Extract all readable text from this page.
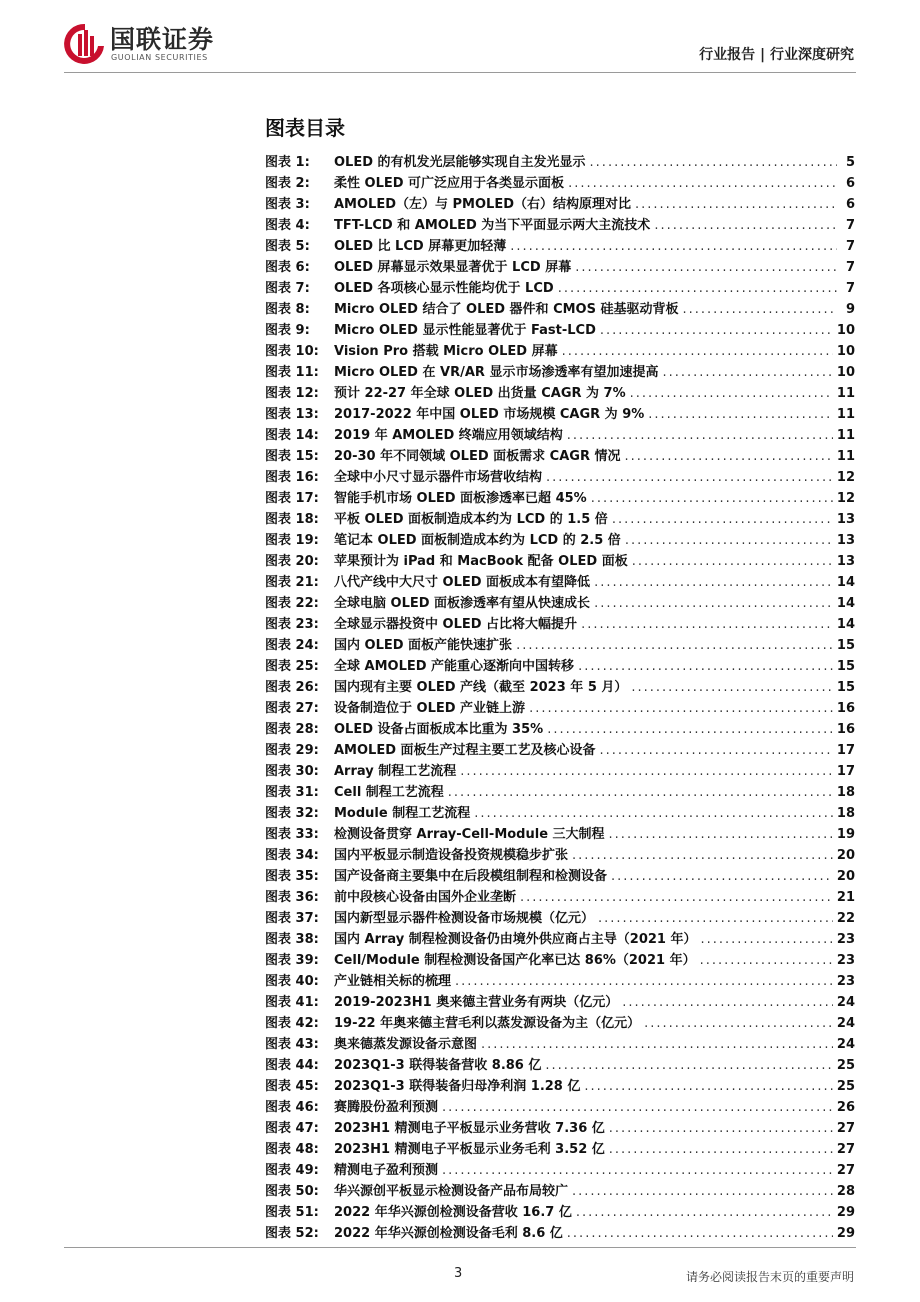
国联证券
GUOLIAN SECURITIES	行业报告 | 行业深度研究
图表目录
图表 1:	OLED 的有机发光层能够实现自主发光显示 .....	5
图表 2:	柔性 OLED 可广泛应用于各类显示面板 .....	6
图表 3:	AMOLED（左）与 PMOLED（右）结构原理对比 .....	6
图表 4:	TFT-LCD 和 AMOLED 为当下平面显示两大主流技术 .....	7
图表 5:	OLED 比 LCD 屏幕更加轻薄 .....	7
图表 6:	OLED 屏幕显示效果显著优于 LCD 屏幕 .....	7
图表 7:	OLED 各项核心显示性能均优于 LCD .....	7
图表 8:	Micro OLED 结合了 OLED 器件和 CMOS 硅基驱动背板 .....	9
图表 9:	Micro OLED 显示性能显著优于 Fast-LCD .....	10
图表 10:	Vision Pro 搭载 Micro OLED 屏幕 .....	10
图表 11:	Micro OLED 在 VR/AR 显示市场渗透率有望加速提高 .....	10
图表 12:	预计 22-27 年全球 OLED 出货量 CAGR 为 7% .....	11
图表 13:	2017-2022 年中国 OLED 市场规模 CAGR 为 9% .....	11
图表 14:	2019 年 AMOLED 终端应用领域结构 .....	11
图表 15:	20-30 年不同领域 OLED 面板需求 CAGR 情况 .....	11
图表 16:	全球中小尺寸显示器件市场营收结构 .....	12
图表 17:	智能手机市场 OLED 面板渗透率已超 45% .....	12
图表 18:	平板 OLED 面板制造成本约为 LCD 的 1.5 倍 .....	13
图表 19:	笔记本 OLED 面板制造成本约为 LCD 的 2.5 倍 .....	13
图表 20:	苹果预计为 iPad 和 MacBook 配备 OLED 面板 .....	13
图表 21:	八代产线中大尺寸 OLED 面板成本有望降低 .....	14
图表 22:	全球电脑 OLED 面板渗透率有望从快速成长 .....	14
图表 23:	全球显示器投资中 OLED 占比将大幅提升 .....	14
图表 24:	国内 OLED 面板产能快速扩张 .....	15
图表 25:	全球 AMOLED 产能重心逐渐向中国转移 .....	15
图表 26:	国内现有主要 OLED 产线（截至 2023 年 5 月） .....	15
图表 27:	设备制造位于 OLED 产业链上游 .....	16
图表 28:	OLED 设备占面板成本比重为 35% .....	16
图表 29:	AMOLED 面板生产过程主要工艺及核心设备 .....	17
图表 30:	Array 制程工艺流程 .....	17
图表 31:	Cell 制程工艺流程 .....	18
图表 32:	Module 制程工艺流程 .....	18
图表 33:	检测设备贯穿 Array-Cell-Module 三大制程 .....	19
图表 34:	国内平板显示制造设备投资规模稳步扩张 .....	20
图表 35:	国产设备商主要集中在后段模组制程和检测设备 .....	20
图表 36:	前中段核心设备由国外企业垄断 .....	21
图表 37:	国内新型显示器件检测设备市场规模（亿元） .....	22
图表 38:	国内 Array 制程检测设备仍由境外供应商占主导（2021 年） .....	23
图表 39:	Cell/Module 制程检测设备国产化率已达 86%（2021 年） .....	23
图表 40:	产业链相关标的梳理 .....	23
图表 41:	2019-2023H1 奥来德主营业务有两块（亿元） .....	24
图表 42:	19-22 年奥来德主营毛利以蒸发源设备为主（亿元） .....	24
图表 43:	奥来德蒸发源设备示意图 .....	24
图表 44:	2023Q1-3 联得装备营收 8.86 亿 .....	25
图表 45:	2023Q1-3 联得装备归母净利润 1.28 亿 .....	25
图表 46:	赛腾股份盈利预测 .....	26
图表 47:	2023H1 精测电子平板显示业务营收 7.36 亿 .....	27
图表 48:	2023H1 精测电子平板显示业务毛利 3.52 亿 .....	27
图表 49:	精测电子盈利预测 .....	27
图表 50:	华兴源创平板显示检测设备产品布局较广 .....	28
图表 51:	2022 年华兴源创检测设备营收 16.7 亿 .....	29
图表 52:	2022 年华兴源创检测设备毛利 8.6 亿 .....	29
3	请务必阅读报告末页的重要声明
